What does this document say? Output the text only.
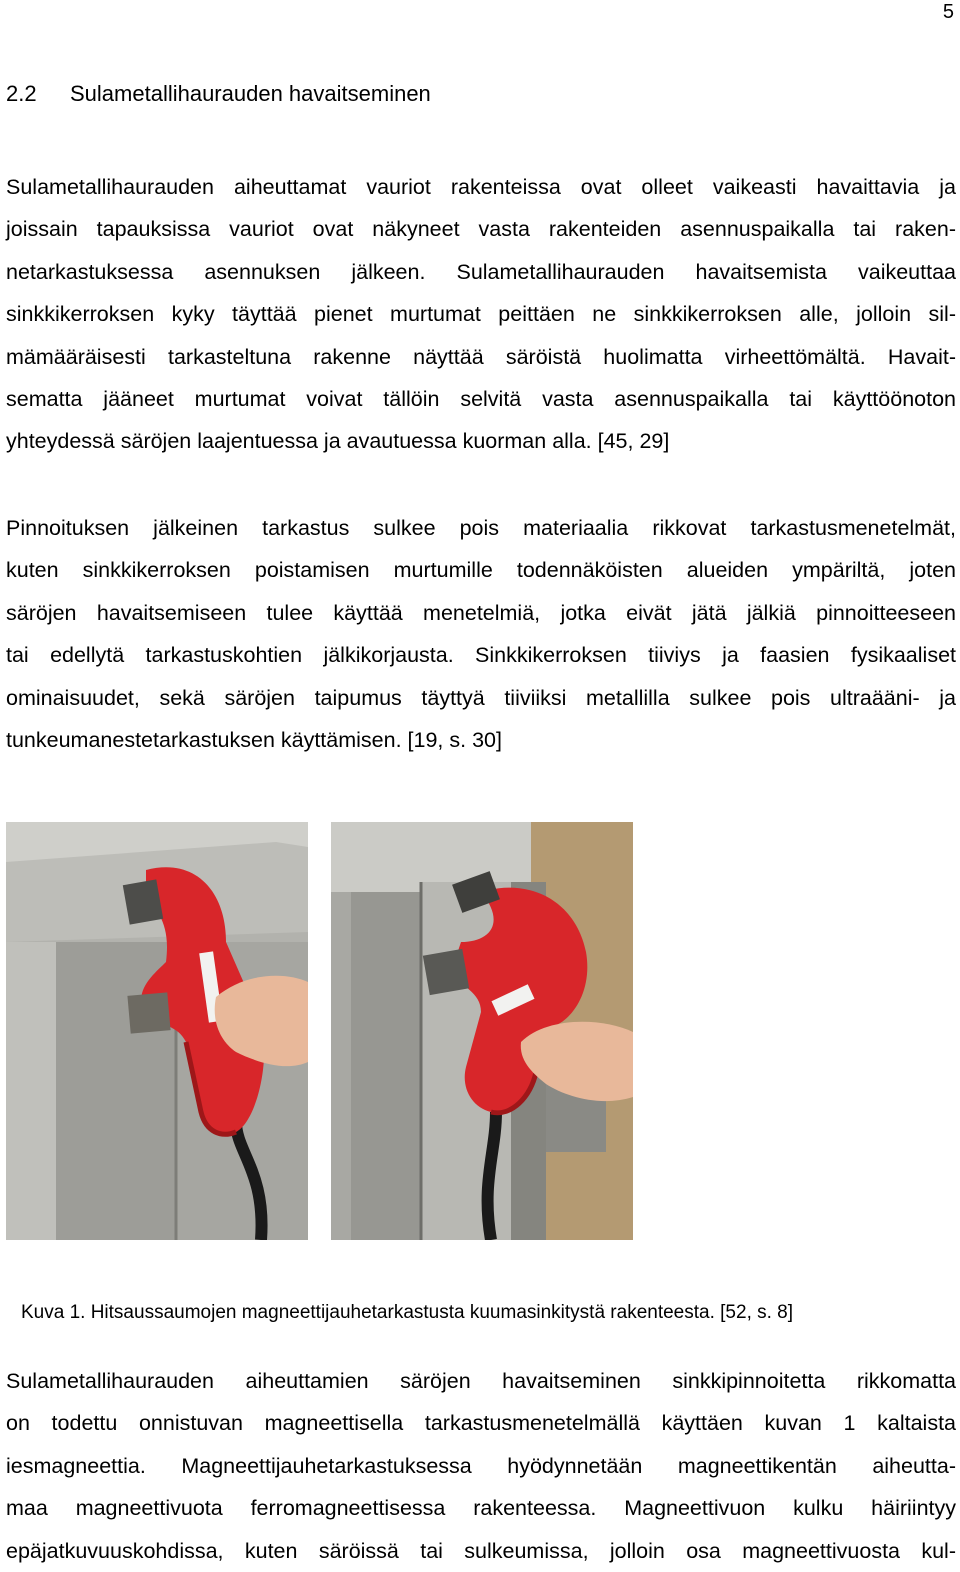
5
2.2 Sulametallihaurauden havaitseminen
Sulametallihaurauden aiheuttamat vauriot rakenteissa ovat olleet vaikeasti havaittavia ja
joissain tapauksissa vauriot ovat näkyneet vasta rakenteiden asennuspaikalla tai raken-
netarkastuksessa asennuksen jälkeen. Sulametallihaurauden havaitsemista vaikeuttaa
sinkkikerroksen kyky täyttää pienet murtumat peittäen ne sinkkikerroksen alle, jolloin sil-
mämääräisesti tarkasteltuna rakenne näyttää säröistä huolimatta virheettömältä. Havait-
sematta jääneet murtumat voivat tällöin selvitä vasta asennuspaikalla tai käyttöönoton
yhteydessä säröjen laajentuessa ja avautuessa kuorman alla. [45, 29]
Pinnoituksen jälkeinen tarkastus sulkee pois materiaalia rikkovat tarkastusmenetelmät,
kuten sinkkikerroksen poistamisen murtumille todennäköisten alueiden ympäriltä, joten
säröjen havaitsemiseen tulee käyttää menetelmiä, jotka eivät jätä jälkiä pinnoitteeseen
tai edellytä tarkastuskohtien jälkikorjausta. Sinkkikerroksen tiiviys ja faasien fysikaaliset
ominaisuudet, sekä säröjen taipumus täyttyä tiiviiksi metallilla sulkee pois ultraääni- ja
tunkeumanestetarkastuksen käyttämisen. [19, s. 30]
Kuva 1. Hitsaussaumojen magneettijauhetarkastusta kuumasinkitystä rakenteesta. [52, s. 8]
Sulametallihaurauden aiheuttamien säröjen havaitseminen sinkkipinnoitetta rikkomatta
on todettu onnistuvan magneettisella tarkastusmenetelmällä käyttäen kuvan 1 kaltaista
iesmagneettia. Magneettijauhetarkastuksessa hyödynnetään magneettikentän aiheutta-
maa magneettivuota ferromagneettisessa rakenteessa. Magneettivuon kulku häiriintyy
epäjatkuvuuskohdissa, kuten säröissä tai sulkeumissa, jolloin osa magneettivuosta kul-
